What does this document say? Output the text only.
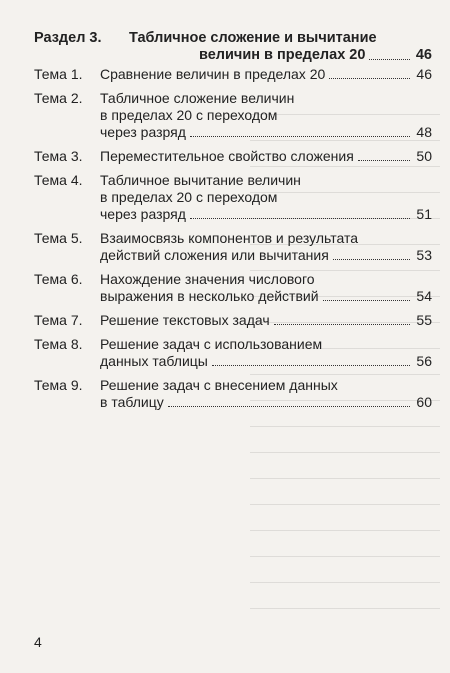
Раздел 3.	Табличное сложение и вычитание
величин в пределах 20	46
Тема 1.	Сравнение величин в пределах 20	46
Тема 2.	Табличное сложение величин
в пределах 20 с переходом
через разряд	48
Тема 3.	Переместительное свойство сложения	50
Тема 4.	Табличное вычитание величин
в пределах 20 с переходом
через разряд	51
Тема 5.	Взаимосвязь компонентов и результата
действий сложения или вычитания	53
Тема 6.	Нахождение значения числового
выражения в несколько действий	54
Тема 7.	Решение текстовых задач	55
Тема 8.	Решение задач с использованием
данных таблицы	56
Тема 9.	Решение задач с внесением данных
в таблицу	60
4
